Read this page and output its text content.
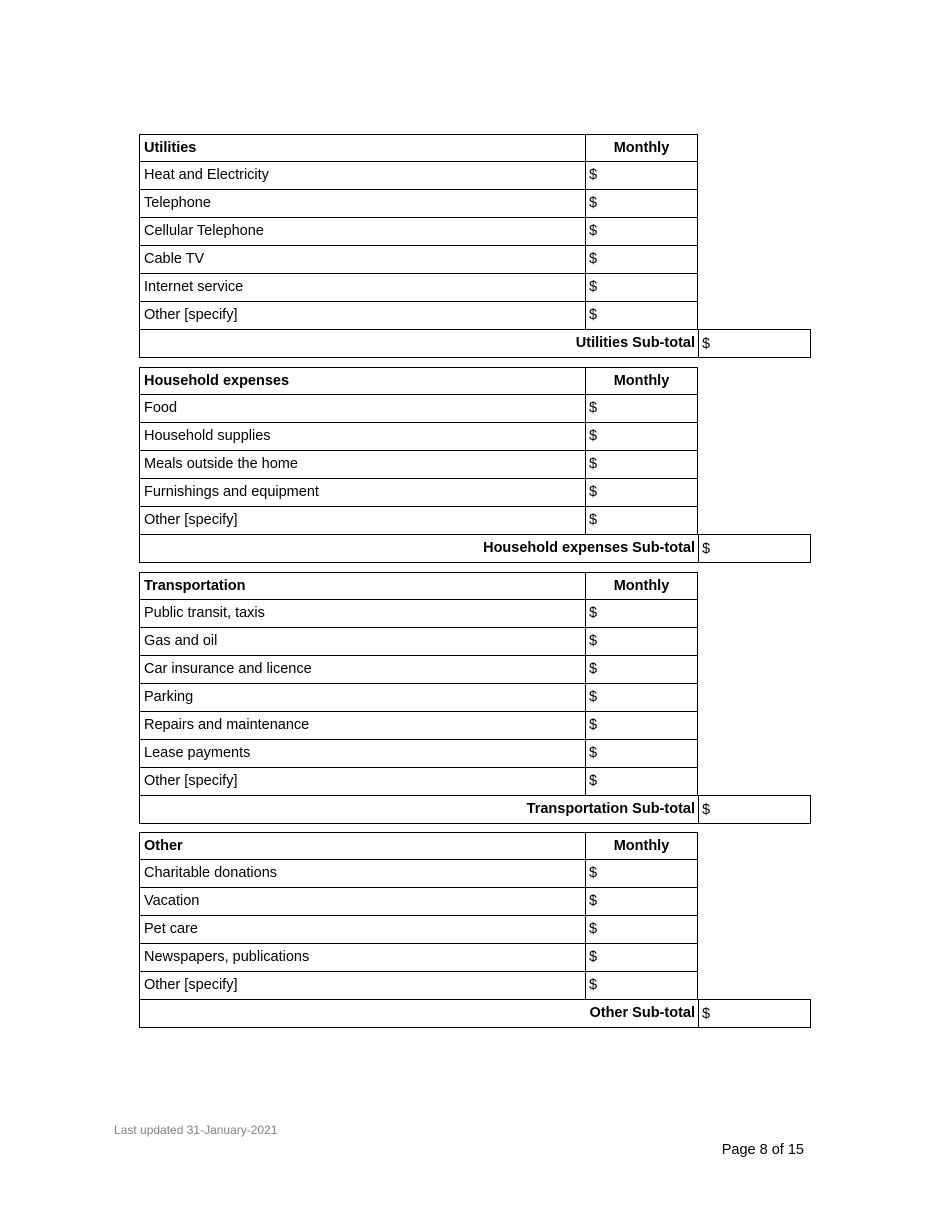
Utilities	Monthly
Heat and Electricity	$
Telephone	$
Cellular Telephone	$
Cable TV	$
Internet service	$
Other [specify]	$
Utilities Sub-total $
Household expenses	Monthly
Food	$
Household supplies	$
Meals outside the home	$
Furnishings and equipment	$
Other [specify]	$
Household expenses Sub-total $
Transportation	Monthly
Public transit, taxis	$
Gas and oil	$
Car insurance and licence	$
Parking	$
Repairs and maintenance	$
Lease payments	$
Other [specify]	$
Transportation Sub-total $
Other	Monthly
Charitable donations	$
Vacation	$
Pet care	$
Newspapers, publications	$
Other [specify]	$
Other Sub-total $
Last updated 31-January-2021
Page 8 of 15
